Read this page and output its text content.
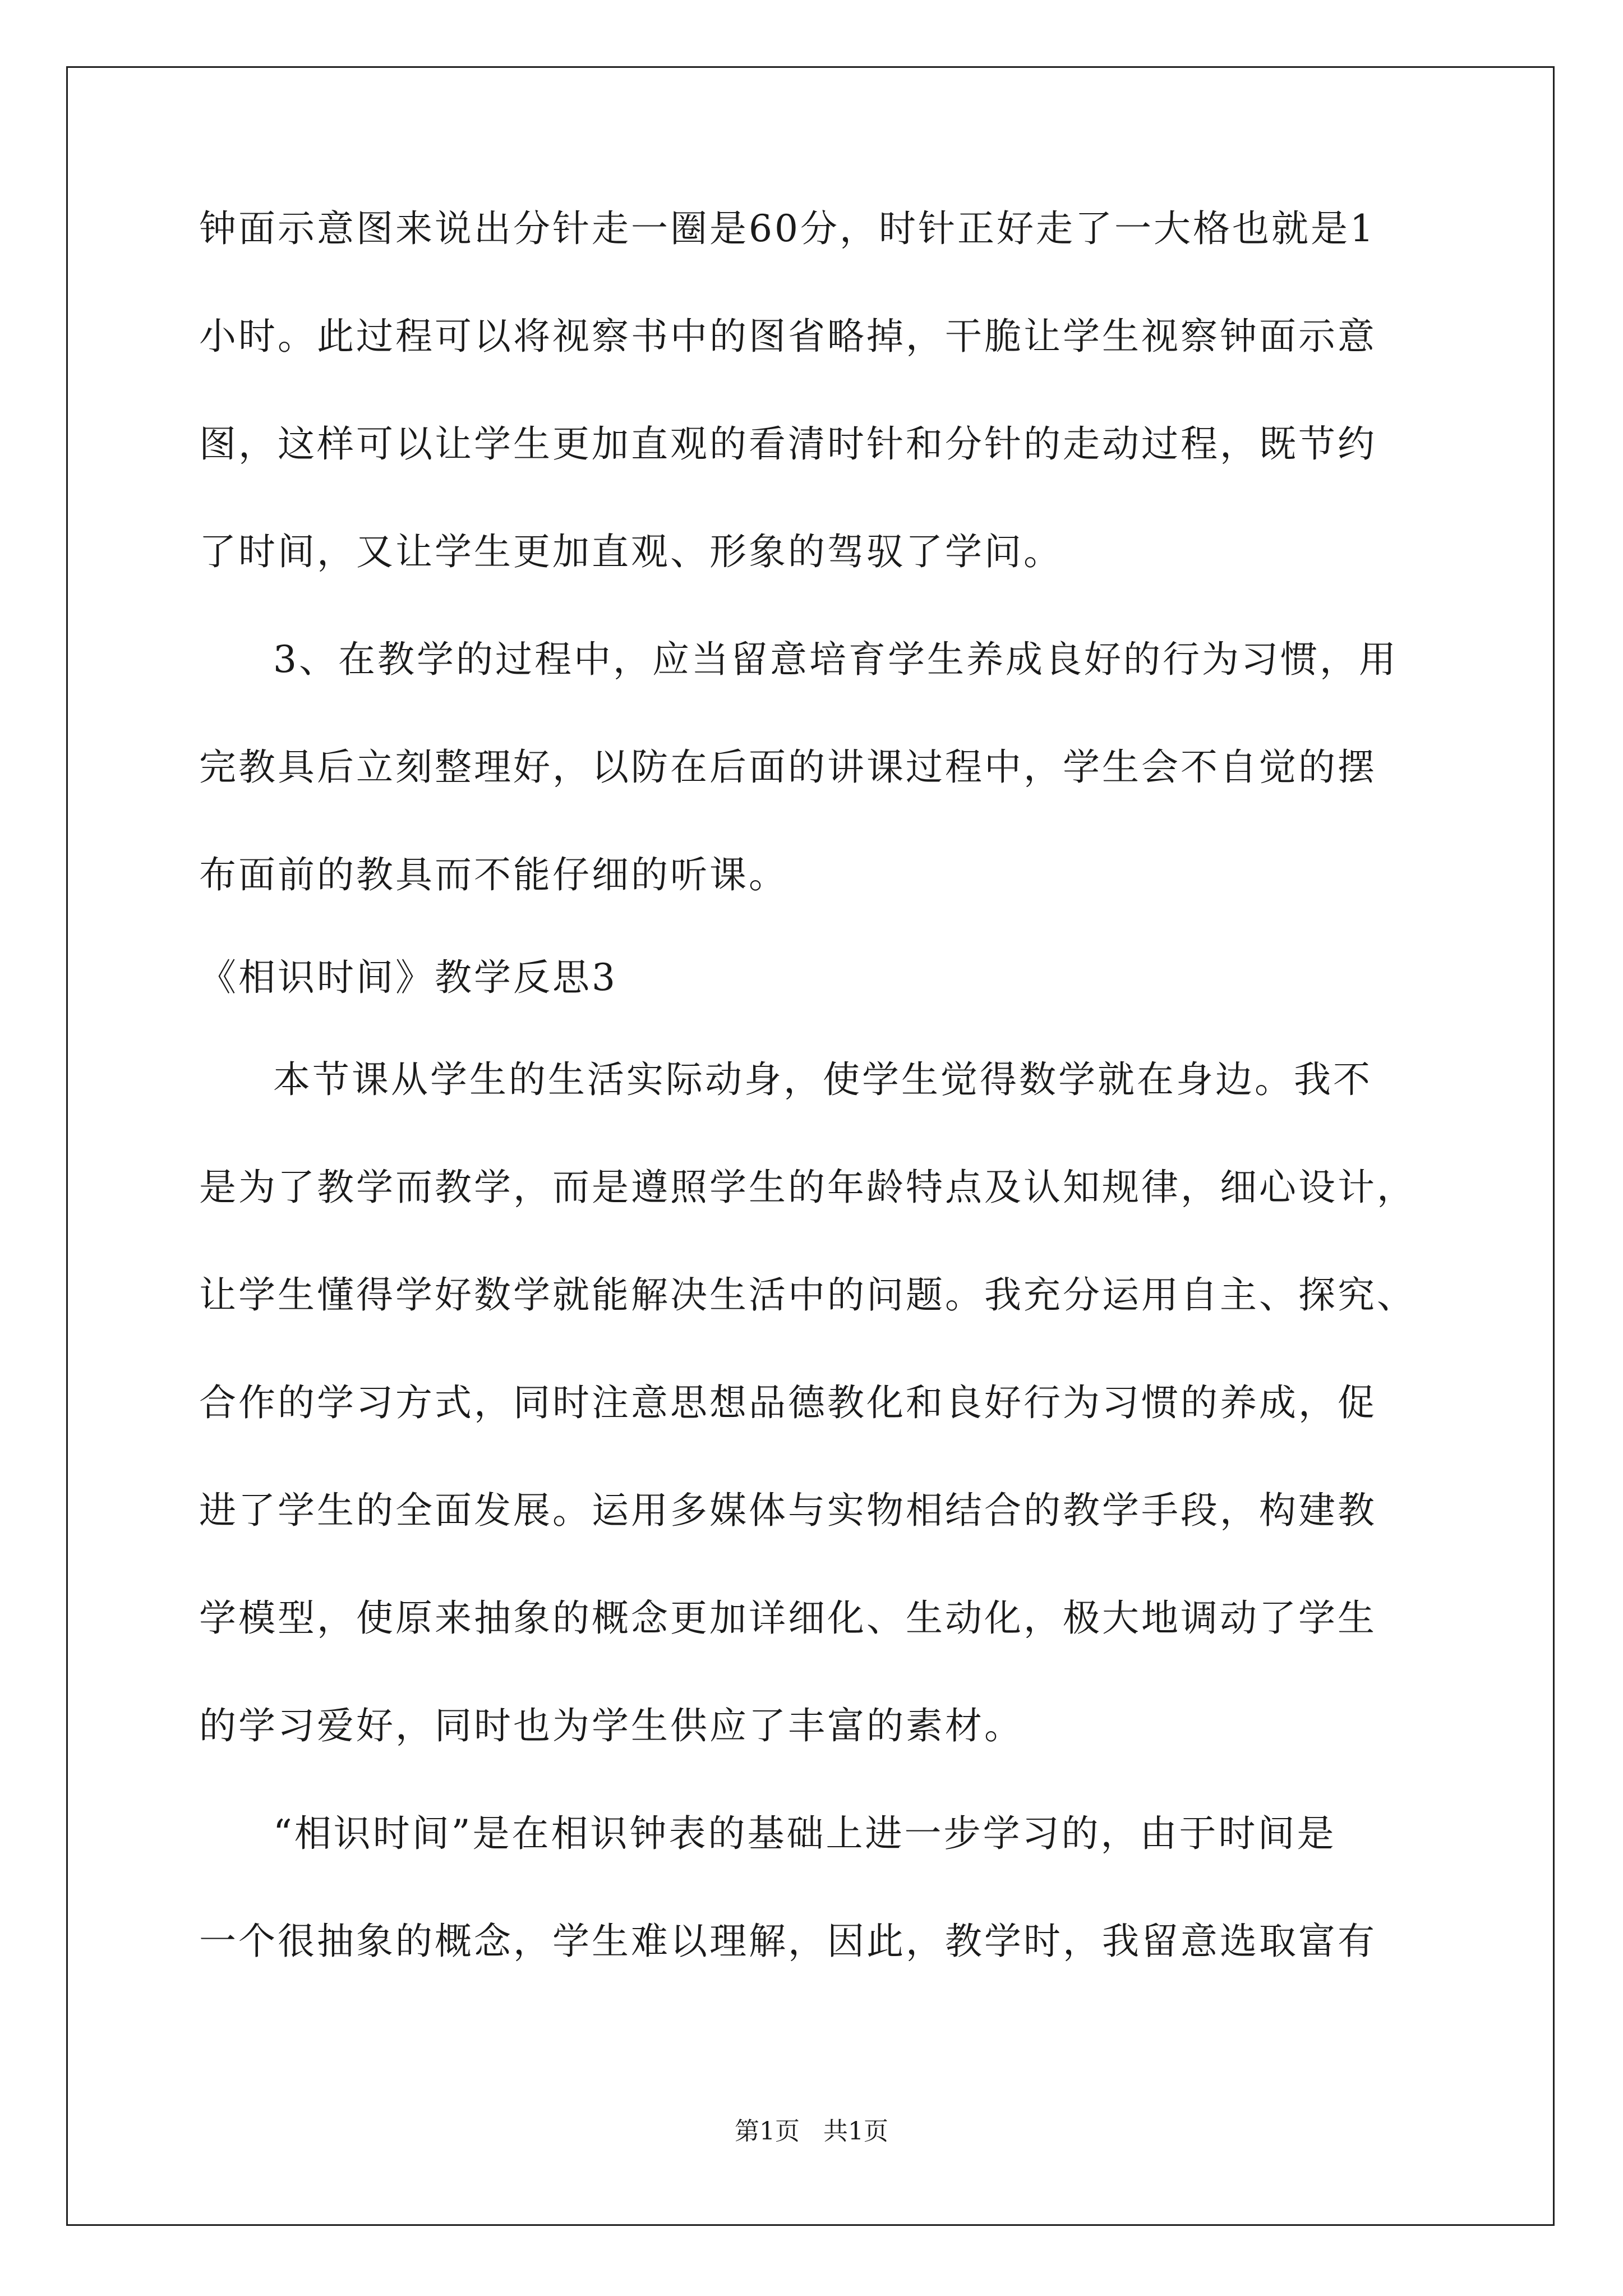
钟面示意图来说出分针走一圈是60分，时针正好走了一大格也就是1
小时。此过程可以将视察书中的图省略掉，干脆让学生视察钟面示意
图，这样可以让学生更加直观的看清时针和分针的走动过程，既节约
了时间，又让学生更加直观、形象的驾驭了学问。
3、在教学的过程中，应当留意培育学生养成良好的行为习惯，用
完教具后立刻整理好，以防在后面的讲课过程中，学生会不自觉的摆
布面前的教具而不能仔细的听课。
《相识时间》教学反思3
本节课从学生的生活实际动身，使学生觉得数学就在身边。我不
是为了教学而教学，而是遵照学生的年龄特点及认知规律，细心设计，
让学生懂得学好数学就能解决生活中的问题。我充分运用自主、探究、
合作的学习方式，同时注意思想品德教化和良好行为习惯的养成，促
进了学生的全面发展。运用多媒体与实物相结合的教学手段，构建教
学模型，使原来抽象的概念更加详细化、生动化，极大地调动了学生
的学习爱好，同时也为学生供应了丰富的素材。
“相识时间”是在相识钟表的基础上进一步学习的，由于时间是
一个很抽象的概念，学生难以理解，因此，教学时，我留意选取富有
第1页   共1页
